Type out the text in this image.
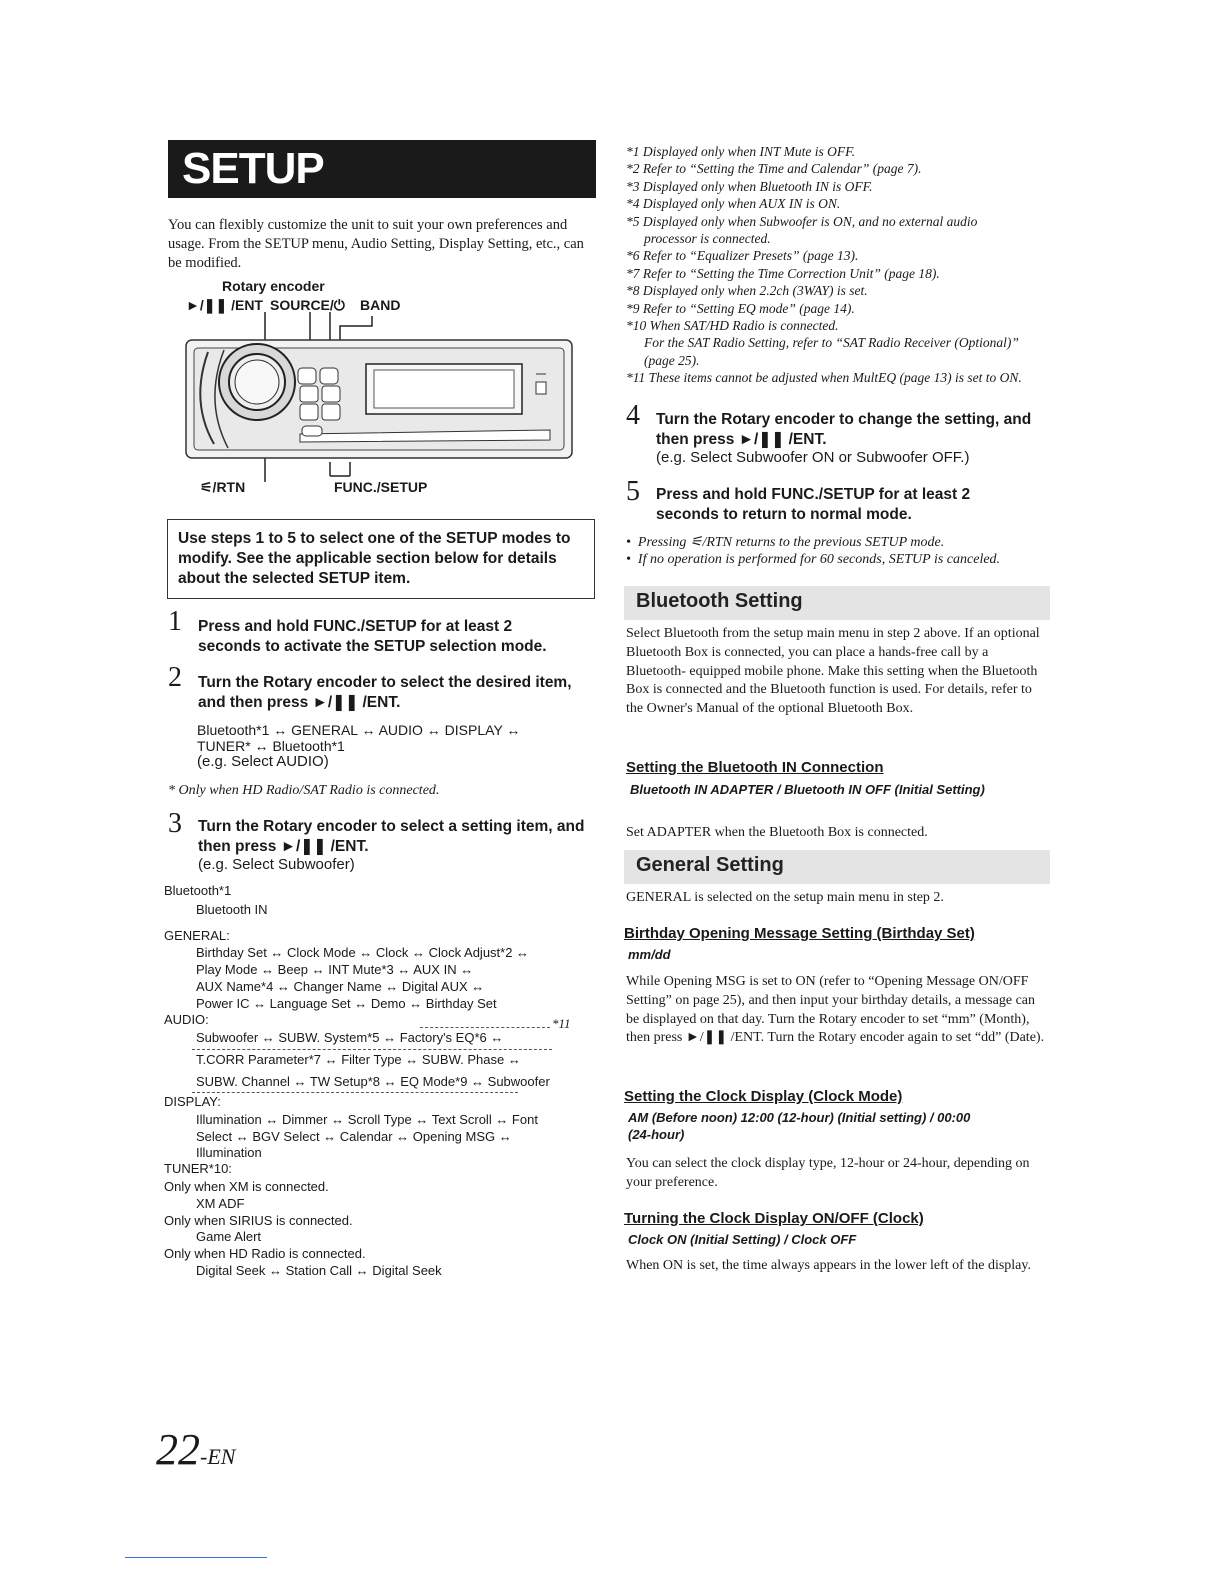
SETUP
You can flexibly customize the unit to suit your own preferences and usage. From the SETUP menu, Audio Setting, Display Setting, etc., can be modified.
Rotary encoder
►/❚❚ /ENT SOURCE/⏻ BAND
⚟/RTN	FUNC./SETUP
Use steps 1 to 5 to select one of the SETUP modes to modify. See the applicable section below for details about the selected SETUP item.
1 Press and hold FUNC./SETUP for at least 2 seconds to activate the SETUP selection mode.
2 Turn the Rotary encoder to select the desired item, and then press ►/❚❚ /ENT.
Bluetooth*1 ↔ GENERAL ↔ AUDIO ↔ DISPLAY ↔
TUNER* ↔ Bluetooth*1
(e.g. Select AUDIO)
* Only when HD Radio/SAT Radio is connected.
3 Turn the Rotary encoder to select a setting item, and then press ►/❚❚ /ENT.
(e.g. Select Subwoofer)
Bluetooth*1
Bluetooth IN
GENERAL:
Birthday Set ↔ Clock Mode ↔ Clock ↔ Clock Adjust*2 ↔
Play Mode ↔ Beep ↔ INT Mute*3 ↔ AUX IN ↔
AUX Name*4 ↔ Changer Name ↔ Digital AUX ↔
Power IC ↔ Language Set ↔ Demo ↔ Birthday Set
AUDIO:	*11
Subwoofer ↔ SUBW. System*5 ↔ Factory's EQ*6 ↔
T.CORR Parameter*7 ↔ Filter Type ↔ SUBW. Phase ↔
SUBW. Channel ↔ TW Setup*8 ↔ EQ Mode*9 ↔ Subwoofer
DISPLAY:
Illumination ↔ Dimmer ↔ Scroll Type ↔ Text Scroll ↔ Font
Select ↔ BGV Select ↔ Calendar ↔ Opening MSG ↔
Illumination
TUNER*10:
Only when XM is connected.
XM ADF
Only when SIRIUS is connected.
Game Alert
Only when HD Radio is connected.
Digital Seek ↔ Station Call ↔ Digital Seek
22-EN
*1 Displayed only when INT Mute is OFF.
*2 Refer to “Setting the Time and Calendar” (page 7).
*3 Displayed only when Bluetooth IN is OFF.
*4 Displayed only when AUX IN is ON.
*5 Displayed only when Subwoofer is ON, and no external audio
processor is connected.
*6 Refer to “Equalizer Presets” (page 13).
*7 Refer to “Setting the Time Correction Unit” (page 18).
*8 Displayed only when 2.2ch (3WAY) is set.
*9 Refer to “Setting EQ mode” (page 14).
*10 When SAT/HD Radio is connected.
For the SAT Radio Setting, refer to “SAT Radio Receiver (Optional)”
(page 25).
*11 These items cannot be adjusted when MultEQ (page 13) is set to ON.
4 Turn the Rotary encoder to change the setting, and then press ►/❚❚ /ENT.
(e.g. Select Subwoofer ON or Subwoofer OFF.)
5 Press and hold FUNC./SETUP for at least 2 seconds to return to normal mode.
•  Pressing ⚟/RTN returns to the previous SETUP mode.
•  If no operation is performed for 60 seconds, SETUP is canceled.
Bluetooth Setting
Select Bluetooth from the setup main menu in step 2 above. If an optional Bluetooth Box is connected, you can place a hands-free call by a Bluetooth- equipped mobile phone. Make this setting when the Bluetooth Box is connected and the Bluetooth function is used. For details, refer to the Owner's Manual of the optional Bluetooth Box.
Setting the Bluetooth IN Connection
Bluetooth IN ADAPTER / Bluetooth IN OFF (Initial Setting)
Set ADAPTER when the Bluetooth Box is connected.
General Setting
GENERAL is selected on the setup main menu in step 2.
Birthday Opening Message Setting (Birthday Set)
mm/dd
While Opening MSG is set to ON (refer to “Opening Message ON/OFF Setting” on page 25), and then input your birthday details, a message can be displayed on that day. Turn the Rotary encoder to set “mm” (Month), then press ►/❚❚ /ENT. Turn the Rotary encoder again to set “dd” (Date).
Setting the Clock Display (Clock Mode)
AM (Before noon) 12:00 (12-hour) (Initial setting) / 00:00 (24-hour)
You can select the clock display type, 12-hour or 24-hour, depending on your preference.
Turning the Clock Display ON/OFF (Clock)
Clock ON (Initial Setting) / Clock OFF
When ON is set, the time always appears in the lower left of the display.
